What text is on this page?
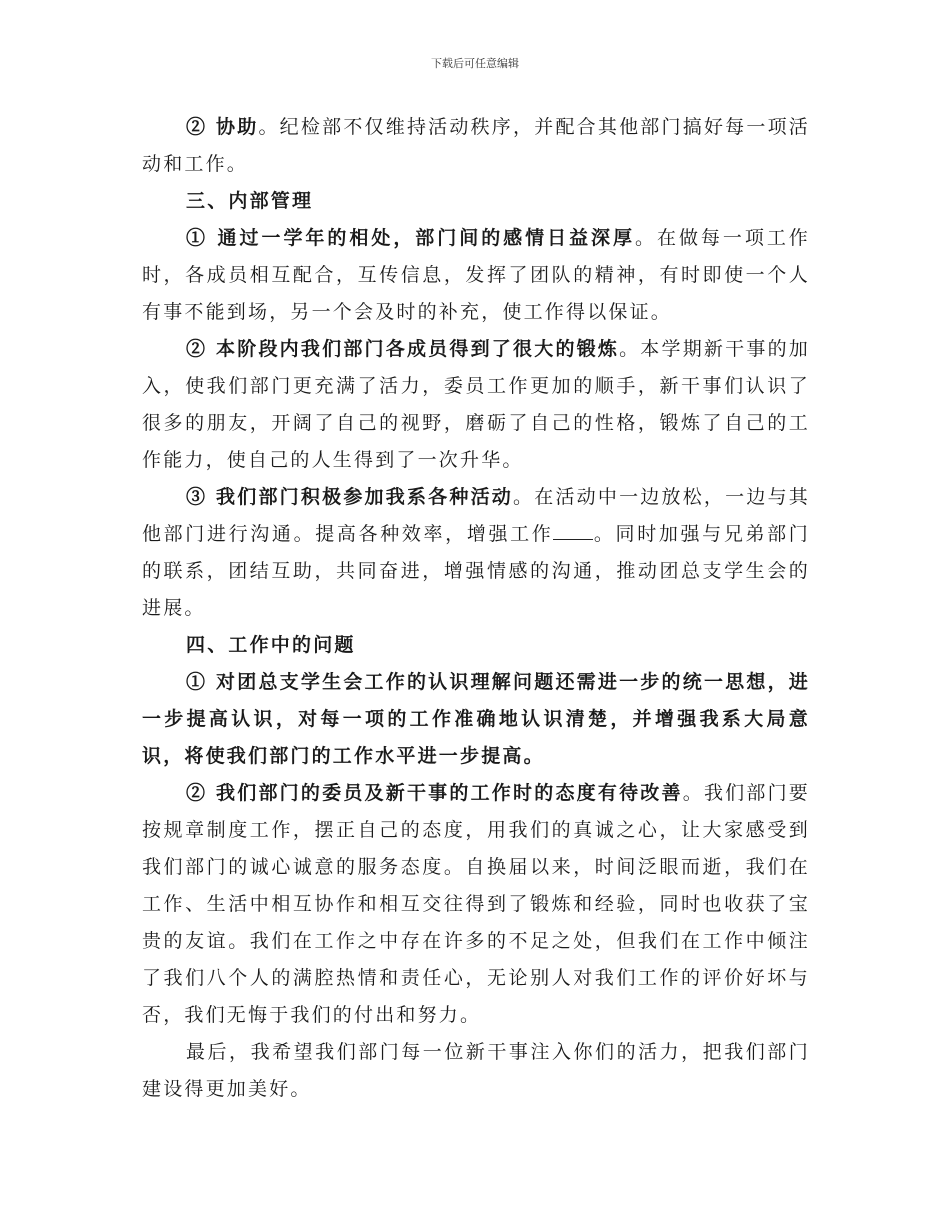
下载后可任意编辑

② 协助。纪检部不仅维持活动秩序，并配合其他部门搞好每一项活动和工作。

三、内部管理

① 通过一学年的相处，部门间的感情日益深厚。在做每一项工作时，各成员相互配合，互传信息，发挥了团队的精神，有时即使一个人有事不能到场，另一个会及时的补充，使工作得以保证。

② 本阶段内我们部门各成员得到了很大的锻炼。本学期新干事的加入，使我们部门更充满了活力，委员工作更加的顺手，新干事们认识了很多的朋友，开阔了自己的视野，磨砺了自己的性格，锻炼了自己的工作能力，使自己的人生得到了一次升华。

③ 我们部门积极参加我系各种活动。在活动中一边放松，一边与其他部门进行沟通。提高各种效率，增强工作 。同时加强与兄弟部门的联系，团结互助，共同奋进，增强情感的沟通，推动团总支学生会的进展。

四、工作中的问题

① 对团总支学生会工作的认识理解问题还需进一步的统一思想，进一步提高认识，对每一项的工作准确地认识清楚，并增强我系大局意识，将使我们部门的工作水平进一步提高。

② 我们部门的委员及新干事的工作时的态度有待改善。我们部门要按规章制度工作，摆正自己的态度，用我们的真诚之心，让大家感受到我们部门的诚心诚意的服务态度。自换届以来，时间泛眼而逝，我们在工作、生活中相互协作和相互交往得到了锻炼和经验，同时也收获了宝贵的友谊。我们在工作之中存在许多的不足之处，但我们在工作中倾注了我们八个人的满腔热情和责任心，无论别人对我们工作的评价好坏与否，我们无悔于我们的付出和努力。

最后，我希望我们部门每一位新干事注入你们的活力，把我们部门建设得更加美好。
